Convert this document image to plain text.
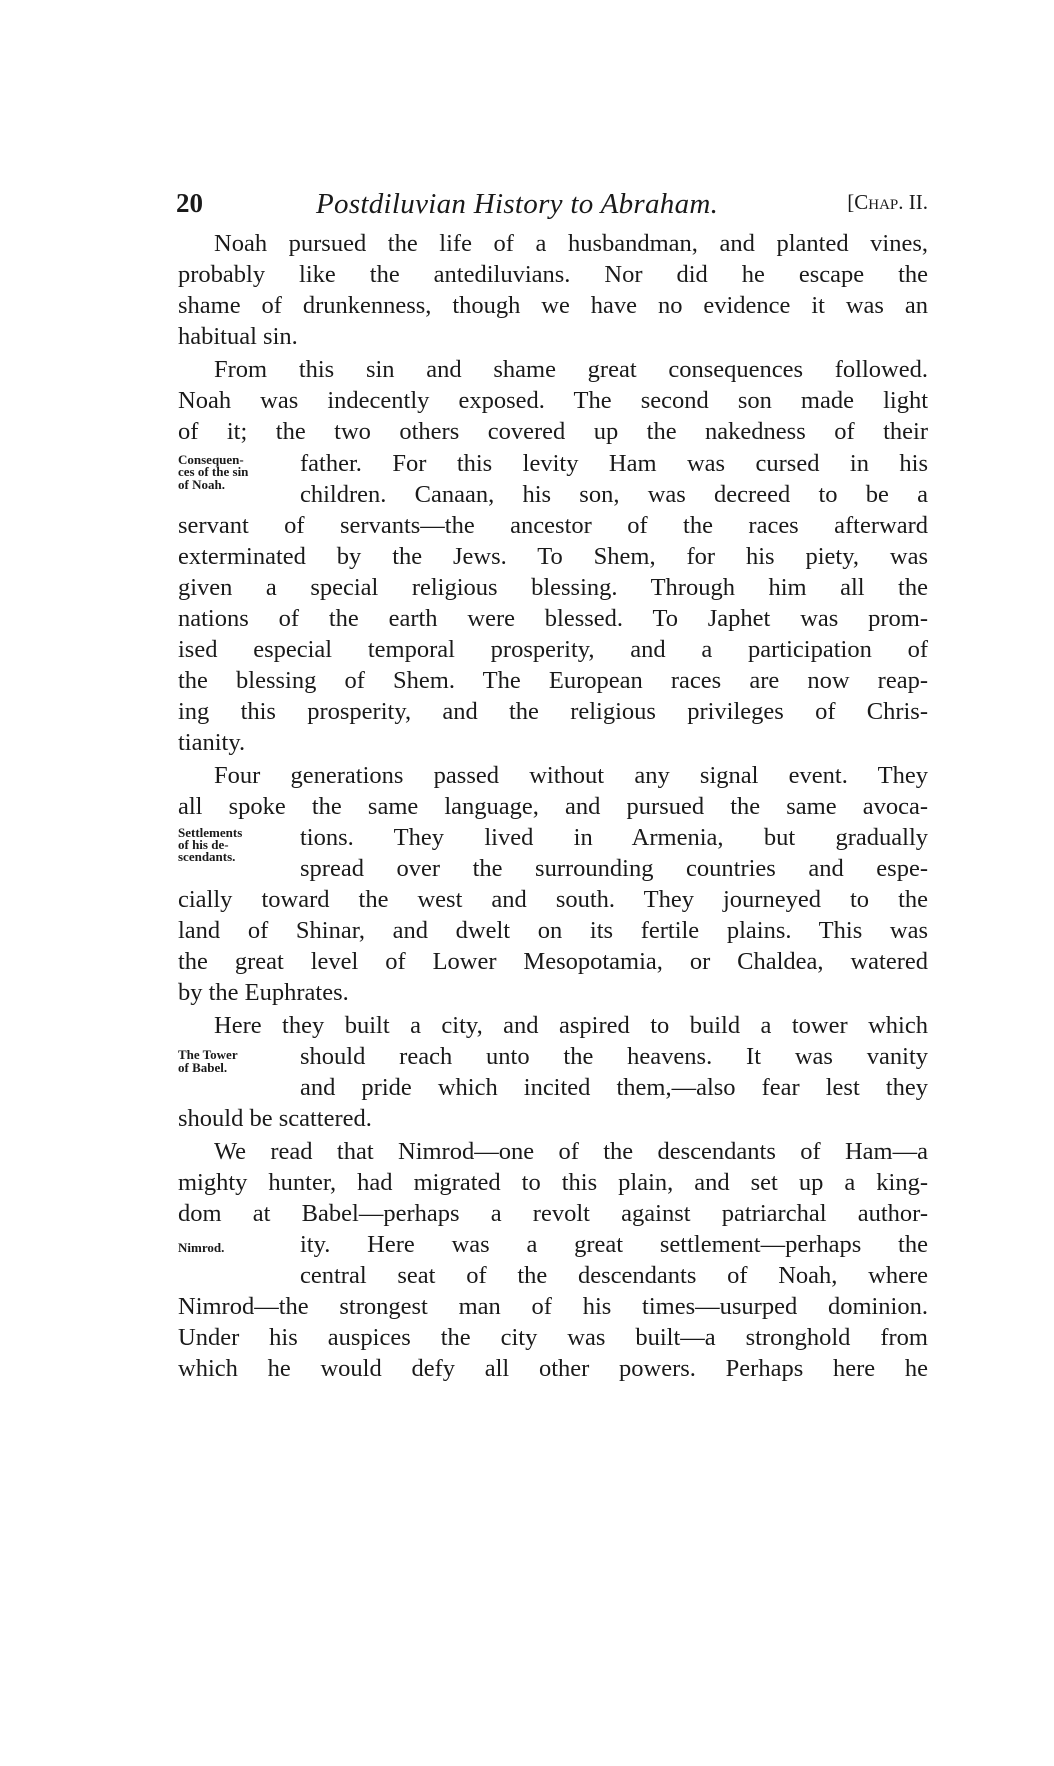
20	Postdiluvian History to Abraham.	[Chap. II.
Noah pursued the life of a husbandman, and planted vines,
probably like the antediluvians. Nor did he escape the
shame of drunkenness, though we have no evidence it was an
habitual sin.
From this sin and shame great consequences followed.
Noah was indecently exposed. The second son made light
of it; the two others covered up the nakedness of their
father. For this levity Ham was cursed in his
children. Canaan, his son, was decreed to be a
servant of servants—the ancestor of the races afterward
exterminated by the Jews. To Shem, for his piety, was
given a special religious blessing. Through him all the
nations of the earth were blessed. To Japhet was prom-
ised especial temporal prosperity, and a participation of
the blessing of Shem. The European races are now reap-
ing this prosperity, and the religious privileges of Chris-
tianity.
Consequen-
ces of the sin
of Noah.
Four generations passed without any signal event. They
all spoke the same language, and pursued the same avoca-
tions. They lived in Armenia, but gradually
spread over the surrounding countries and espe-
cially toward the west and south. They journeyed to the
land of Shinar, and dwelt on its fertile plains. This was
the great level of Lower Mesopotamia, or Chaldea, watered
by the Euphrates.
Settlements
of his de-
scendants.
Here they built a city, and aspired to build a tower which
should reach unto the heavens. It was vanity
and pride which incited them,—also fear lest they
should be scattered.
The Tower
of Babel.
We read that Nimrod—one of the descendants of Ham—a
mighty hunter, had migrated to this plain, and set up a king-
dom at Babel—perhaps a revolt against patriarchal author-
ity. Here was a great settlement—perhaps the
central seat of the descendants of Noah, where
Nimrod—the strongest man of his times—usurped dominion.
Under his auspices the city was built—a stronghold from
which he would defy all other powers. Perhaps here he
Nimrod.
